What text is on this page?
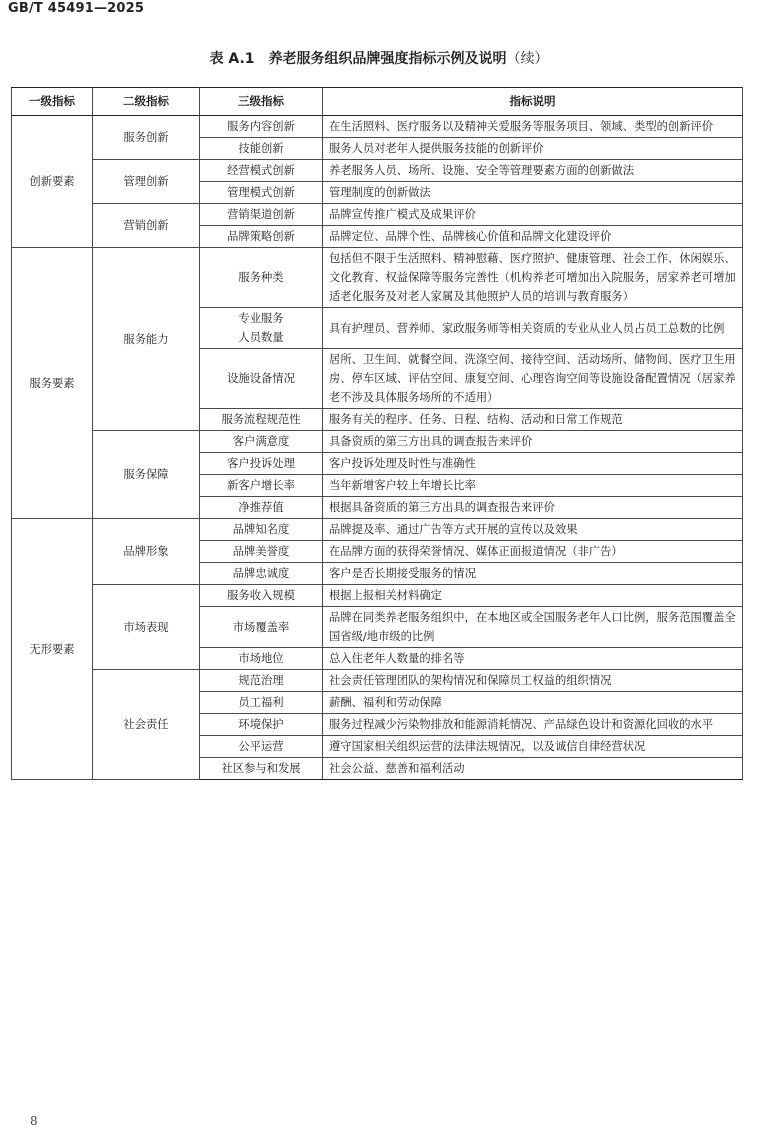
GB/T 45491—2025
表 A.1 养老服务组织品牌强度指标示例及说明（续）
一级指标	二级指标	三级指标	指标说明
创新要素	服务创新	服务内容创新	在生活照料、医疗服务以及精神关爱服务等服务项目、领域、类型的创新评价
		技能创新	服务人员对老年人提供服务技能的创新评价
	管理创新	经营模式创新	养老服务人员、场所、设施、安全等管理要素方面的创新做法
		管理模式创新	管理制度的创新做法
	营销创新	营销渠道创新	品牌宣传推广模式及成果评价
		品牌策略创新	品牌定位、品牌个性、品牌核心价值和品牌文化建设评价
服务要素	服务能力	服务种类	包括但不限于生活照料、精神慰藉、医疗照护、健康管理、社会工作、休闲娱乐、文化教育、权益保障等服务完善性（机构养老可增加出入院服务，居家养老可增加适老化服务及对老人家属及其他照护人员的培训与教育服务）
		专业服务
人员数量	具有护理员、营养师、家政服务师等相关资质的专业从业人员占员工总数的比例
		设施设备情况	居所、卫生间、就餐空间、洗涤空间、接待空间、活动场所、储物间、医疗卫生用房、停车区域、评估空间、康复空间、心理咨询空间等设施设备配置情况（居家养老不涉及具体服务场所的不适用）
		服务流程规范性	服务有关的程序、任务、日程、结构、活动和日常工作规范
	服务保障	客户满意度	具备资质的第三方出具的调查报告来评价
		客户投诉处理	客户投诉处理及时性与准确性
		新客户增长率	当年新增客户较上年增长比率
		净推荐值	根据具备资质的第三方出具的调查报告来评价
无形要素	品牌形象	品牌知名度	品牌提及率、通过广告等方式开展的宣传以及效果
		品牌美誉度	在品牌方面的获得荣誉情况、媒体正面报道情况（非广告）
		品牌忠诚度	客户是否长期接受服务的情况
	市场表现	服务收入规模	根据上报相关材料确定
		市场覆盖率	品牌在同类养老服务组织中，在本地区或全国服务老年人口比例，服务范围覆盖全国省级/地市级的比例
		市场地位	总入住老年人数量的排名等
	社会责任	规范治理	社会责任管理团队的架构情况和保障员工权益的组织情况
		员工福利	薪酬、福利和劳动保障
		环境保护	服务过程减少污染物排放和能源消耗情况、产品绿色设计和资源化回收的水平
		公平运营	遵守国家相关组织运营的法律法规情况，以及诚信自律经营状况
		社区参与和发展	社会公益、慈善和福利活动
8
